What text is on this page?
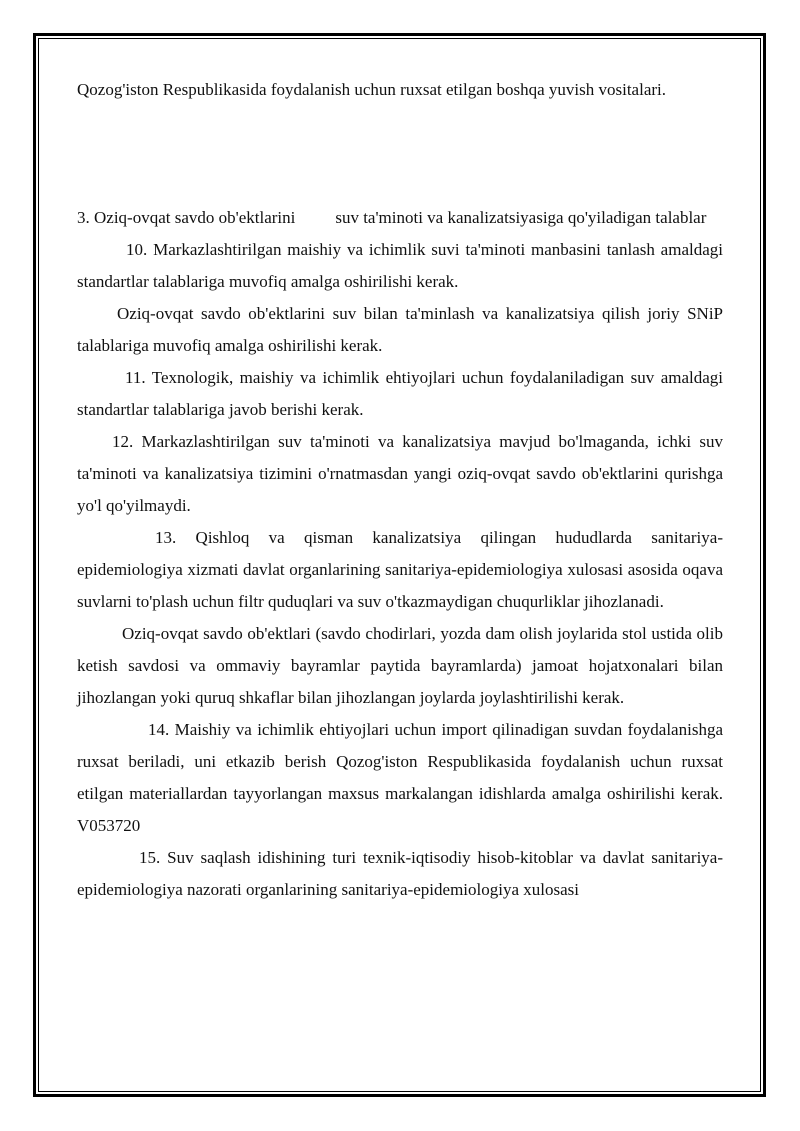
Qozog'iston Respublikasida foydalanish uchun ruxsat etilgan boshqa yuvish vositalari.

3. Oziq-ovqat savdo ob'ektlarini suv ta'minoti va kanalizatsiyasiga qo'yiladigan talablar

10. Markazlashtirilgan maishiy va ichimlik suvi ta'minoti manbasini tanlash amaldagi standartlar talablariga muvofiq amalga oshirilishi kerak.

Oziq-ovqat savdo ob'ektlarini suv bilan ta'minlash va kanalizatsiya qilish joriy SNiP talablariga muvofiq amalga oshirilishi kerak.

11. Texnologik, maishiy va ichimlik ehtiyojlari uchun foydalaniladigan suv amaldagi standartlar talablariga javob berishi kerak.

12. Markazlashtirilgan suv ta'minoti va kanalizatsiya mavjud bo'lmaganda, ichki suv ta'minoti va kanalizatsiya tizimini o'rnatmasdan yangi oziq-ovqat savdo ob'ektlarini qurishga yo'l qo'yilmaydi.

13. Qishloq va qisman kanalizatsiya qilingan hududlarda sanitariya-epidemiologiya xizmati davlat organlarining sanitariya-epidemiologiya xulosasi asosida oqava suvlarni to'plash uchun filtr quduqlari va suv o'tkazmaydigan chuqurliklar jihozlanadi.

Oziq-ovqat savdo ob'ektlari (savdo chodirlari, yozda dam olish joylarida stol ustida olib ketish savdosi va ommaviy bayramlar paytida bayramlarda) jamoat hojatxonalari bilan jihozlangan yoki quruq shkaflar bilan jihozlangan joylarda joylashtirilishi kerak.

14. Maishiy va ichimlik ehtiyojlari uchun import qilinadigan suvdan foydalanishga ruxsat beriladi, uni etkazib berish Qozog'iston Respublikasida foydalanish uchun ruxsat etilgan materiallardan tayyorlangan maxsus markalangan idishlarda amalga oshirilishi kerak. V053720

15. Suv saqlash idishining turi texnik-iqtisodiy hisob-kitoblar va davlat sanitariya-epidemiologiya nazorati organlarining sanitariya-epidemiologiya xulosasi
